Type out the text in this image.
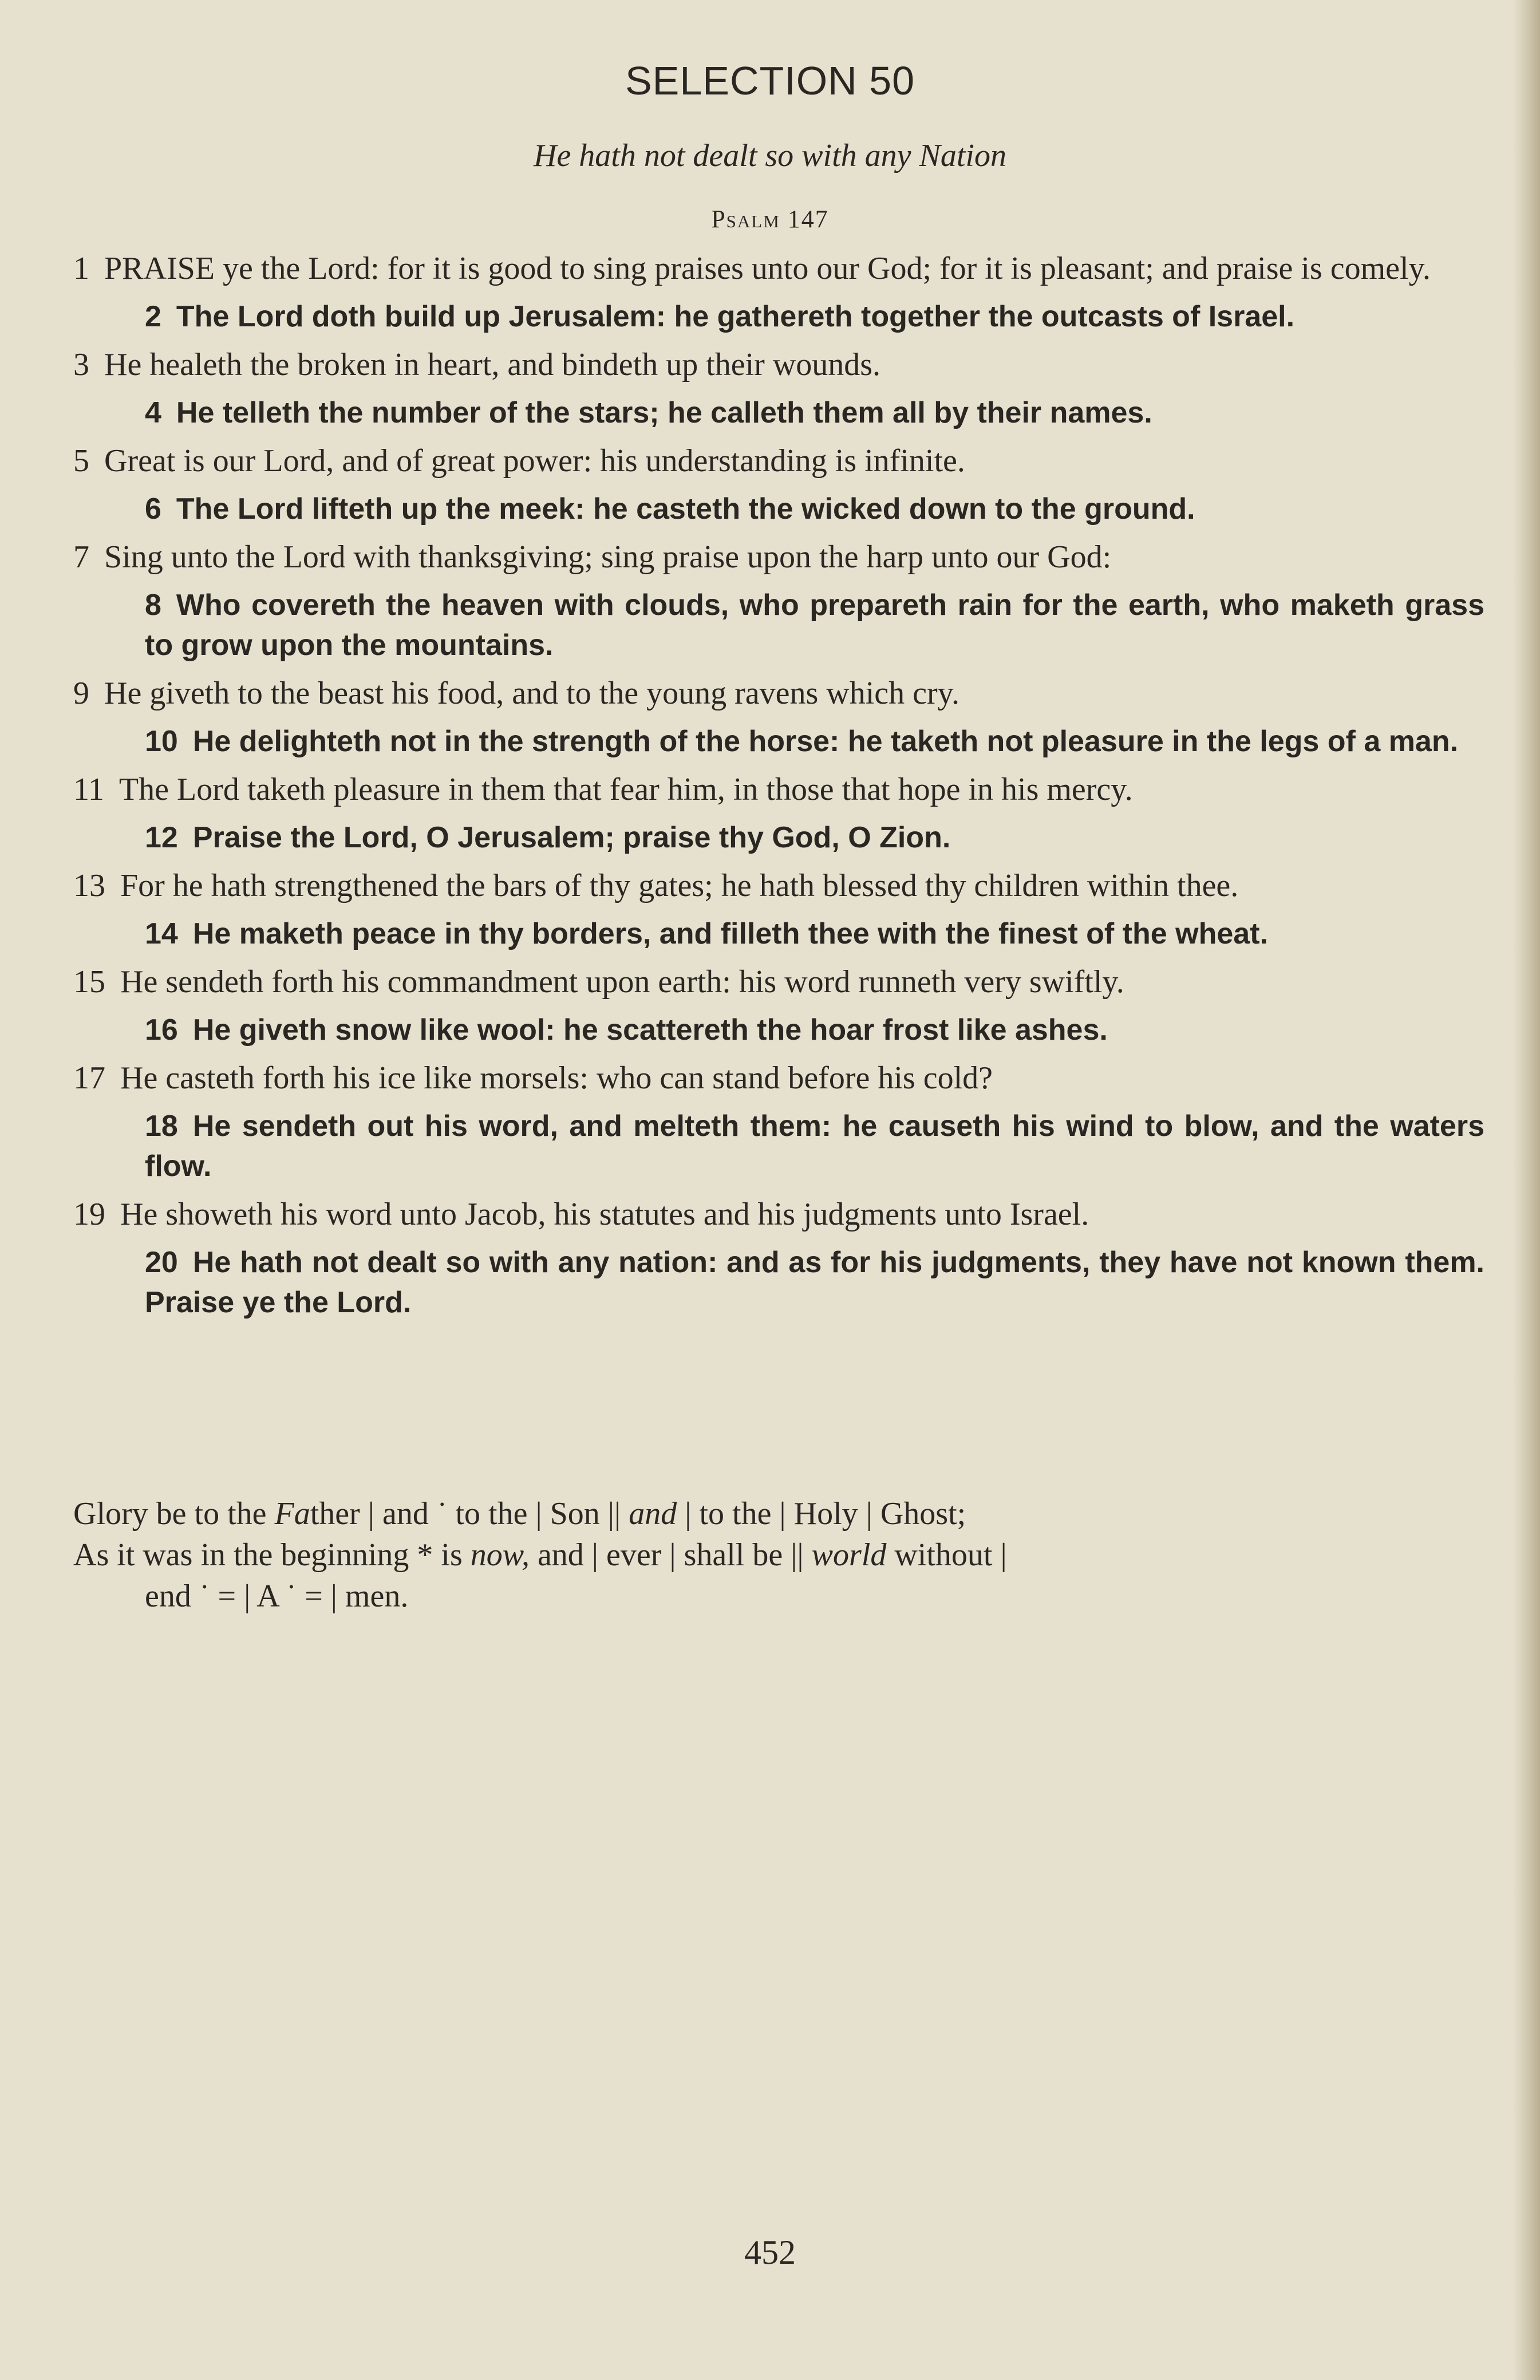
SELECTION 50
He hath not dealt so with any Nation
Psalm 147

1 PRAISE ye the Lord: for it is good to sing praises unto our God; for it is pleasant; and praise is comely.

2 The Lord doth build up Jerusalem: he gathereth together the outcasts of Israel.

3 He healeth the broken in heart, and bindeth up their wounds.

4 He telleth the number of the stars; he calleth them all by their names.

5 Great is our Lord, and of great power: his understanding is infinite.

6 The Lord lifteth up the meek: he casteth the wicked down to the ground.

7 Sing unto the Lord with thanksgiving; sing praise upon the harp unto our God:

8 Who covereth the heaven with clouds, who prepareth rain for the earth, who maketh grass to grow upon the mountains.

9 He giveth to the beast his food, and to the young ravens which cry.

10 He delighteth not in the strength of the horse: he taketh not pleasure in the legs of a man.

11 The Lord taketh pleasure in them that fear him, in those that hope in his mercy.

12 Praise the Lord, O Jerusalem; praise thy God, O Zion.

13 For he hath strengthened the bars of thy gates; he hath blessed thy children within thee.

14 He maketh peace in thy borders, and filleth thee with the finest of the wheat.

15 He sendeth forth his commandment upon earth: his word runneth very swiftly.

16 He giveth snow like wool: he scattereth the hoar frost like ashes.

17 He casteth forth his ice like morsels: who can stand before his cold?

18 He sendeth out his word, and melteth them: he causeth his wind to blow, and the waters flow.

19 He showeth his word unto Jacob, his statutes and his judgments unto Israel.

20 He hath not dealt so with any nation: and as for his judgments, they have not known them. Praise ye the Lord.

Glory be to the Father | and ˙ to the | Son || and | to the | Holy | Ghost;

As it was in the beginning * is now, and | ever | shall be || world without |
end ˙ = | A ˙ = | men.

452
